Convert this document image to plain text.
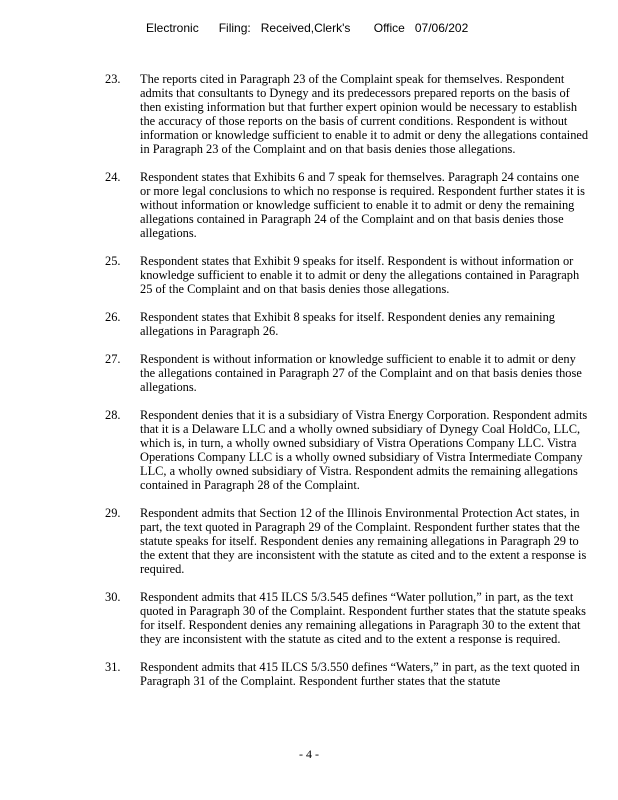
Electronic Filing: Received,Clerk's Office 07/06/202
23.	The reports cited in Paragraph 23 of the Complaint speak for themselves. Respondent admits that consultants to Dynegy and its predecessors prepared reports on the basis of then existing information but that further expert opinion would be necessary to establish the accuracy of those reports on the basis of current conditions. Respondent is without information or knowledge sufficient to enable it to admit or deny the allegations contained in Paragraph 23 of the Complaint and on that basis denies those allegations.
24.	Respondent states that Exhibits 6 and 7 speak for themselves. Paragraph 24 contains one or more legal conclusions to which no response is required. Respondent further states it is without information or knowledge sufficient to enable it to admit or deny the remaining allegations contained in Paragraph 24 of the Complaint and on that basis denies those allegations.
25.	Respondent states that Exhibit 9 speaks for itself. Respondent is without information or knowledge sufficient to enable it to admit or deny the allegations contained in Paragraph 25 of the Complaint and on that basis denies those allegations.
26.	Respondent states that Exhibit 8 speaks for itself. Respondent denies any remaining allegations in Paragraph 26.
27.	Respondent is without information or knowledge sufficient to enable it to admit or deny the allegations contained in Paragraph 27 of the Complaint and on that basis denies those allegations.
28.	Respondent denies that it is a subsidiary of Vistra Energy Corporation. Respondent admits that it is a Delaware LLC and a wholly owned subsidiary of Dynegy Coal HoldCo, LLC, which is, in turn, a wholly owned subsidiary of Vistra Operations Company LLC. Vistra Operations Company LLC is a wholly owned subsidiary of Vistra Intermediate Company LLC, a wholly owned subsidiary of Vistra. Respondent admits the remaining allegations contained in Paragraph 28 of the Complaint.
29.	Respondent admits that Section 12 of the Illinois Environmental Protection Act states, in part, the text quoted in Paragraph 29 of the Complaint. Respondent further states that the statute speaks for itself. Respondent denies any remaining allegations in Paragraph 29 to the extent that they are inconsistent with the statute as cited and to the extent a response is required.
30.	Respondent admits that 415 ILCS 5/3.545 defines “Water pollution,” in part, as the text quoted in Paragraph 30 of the Complaint. Respondent further states that the statute speaks for itself. Respondent denies any remaining allegations in Paragraph 30 to the extent that they are inconsistent with the statute as cited and to the extent a response is required.
31.	Respondent admits that 415 ILCS 5/3.550 defines “Waters,” in part, as the text quoted in Paragraph 31 of the Complaint. Respondent further states that the statute
- 4 -
